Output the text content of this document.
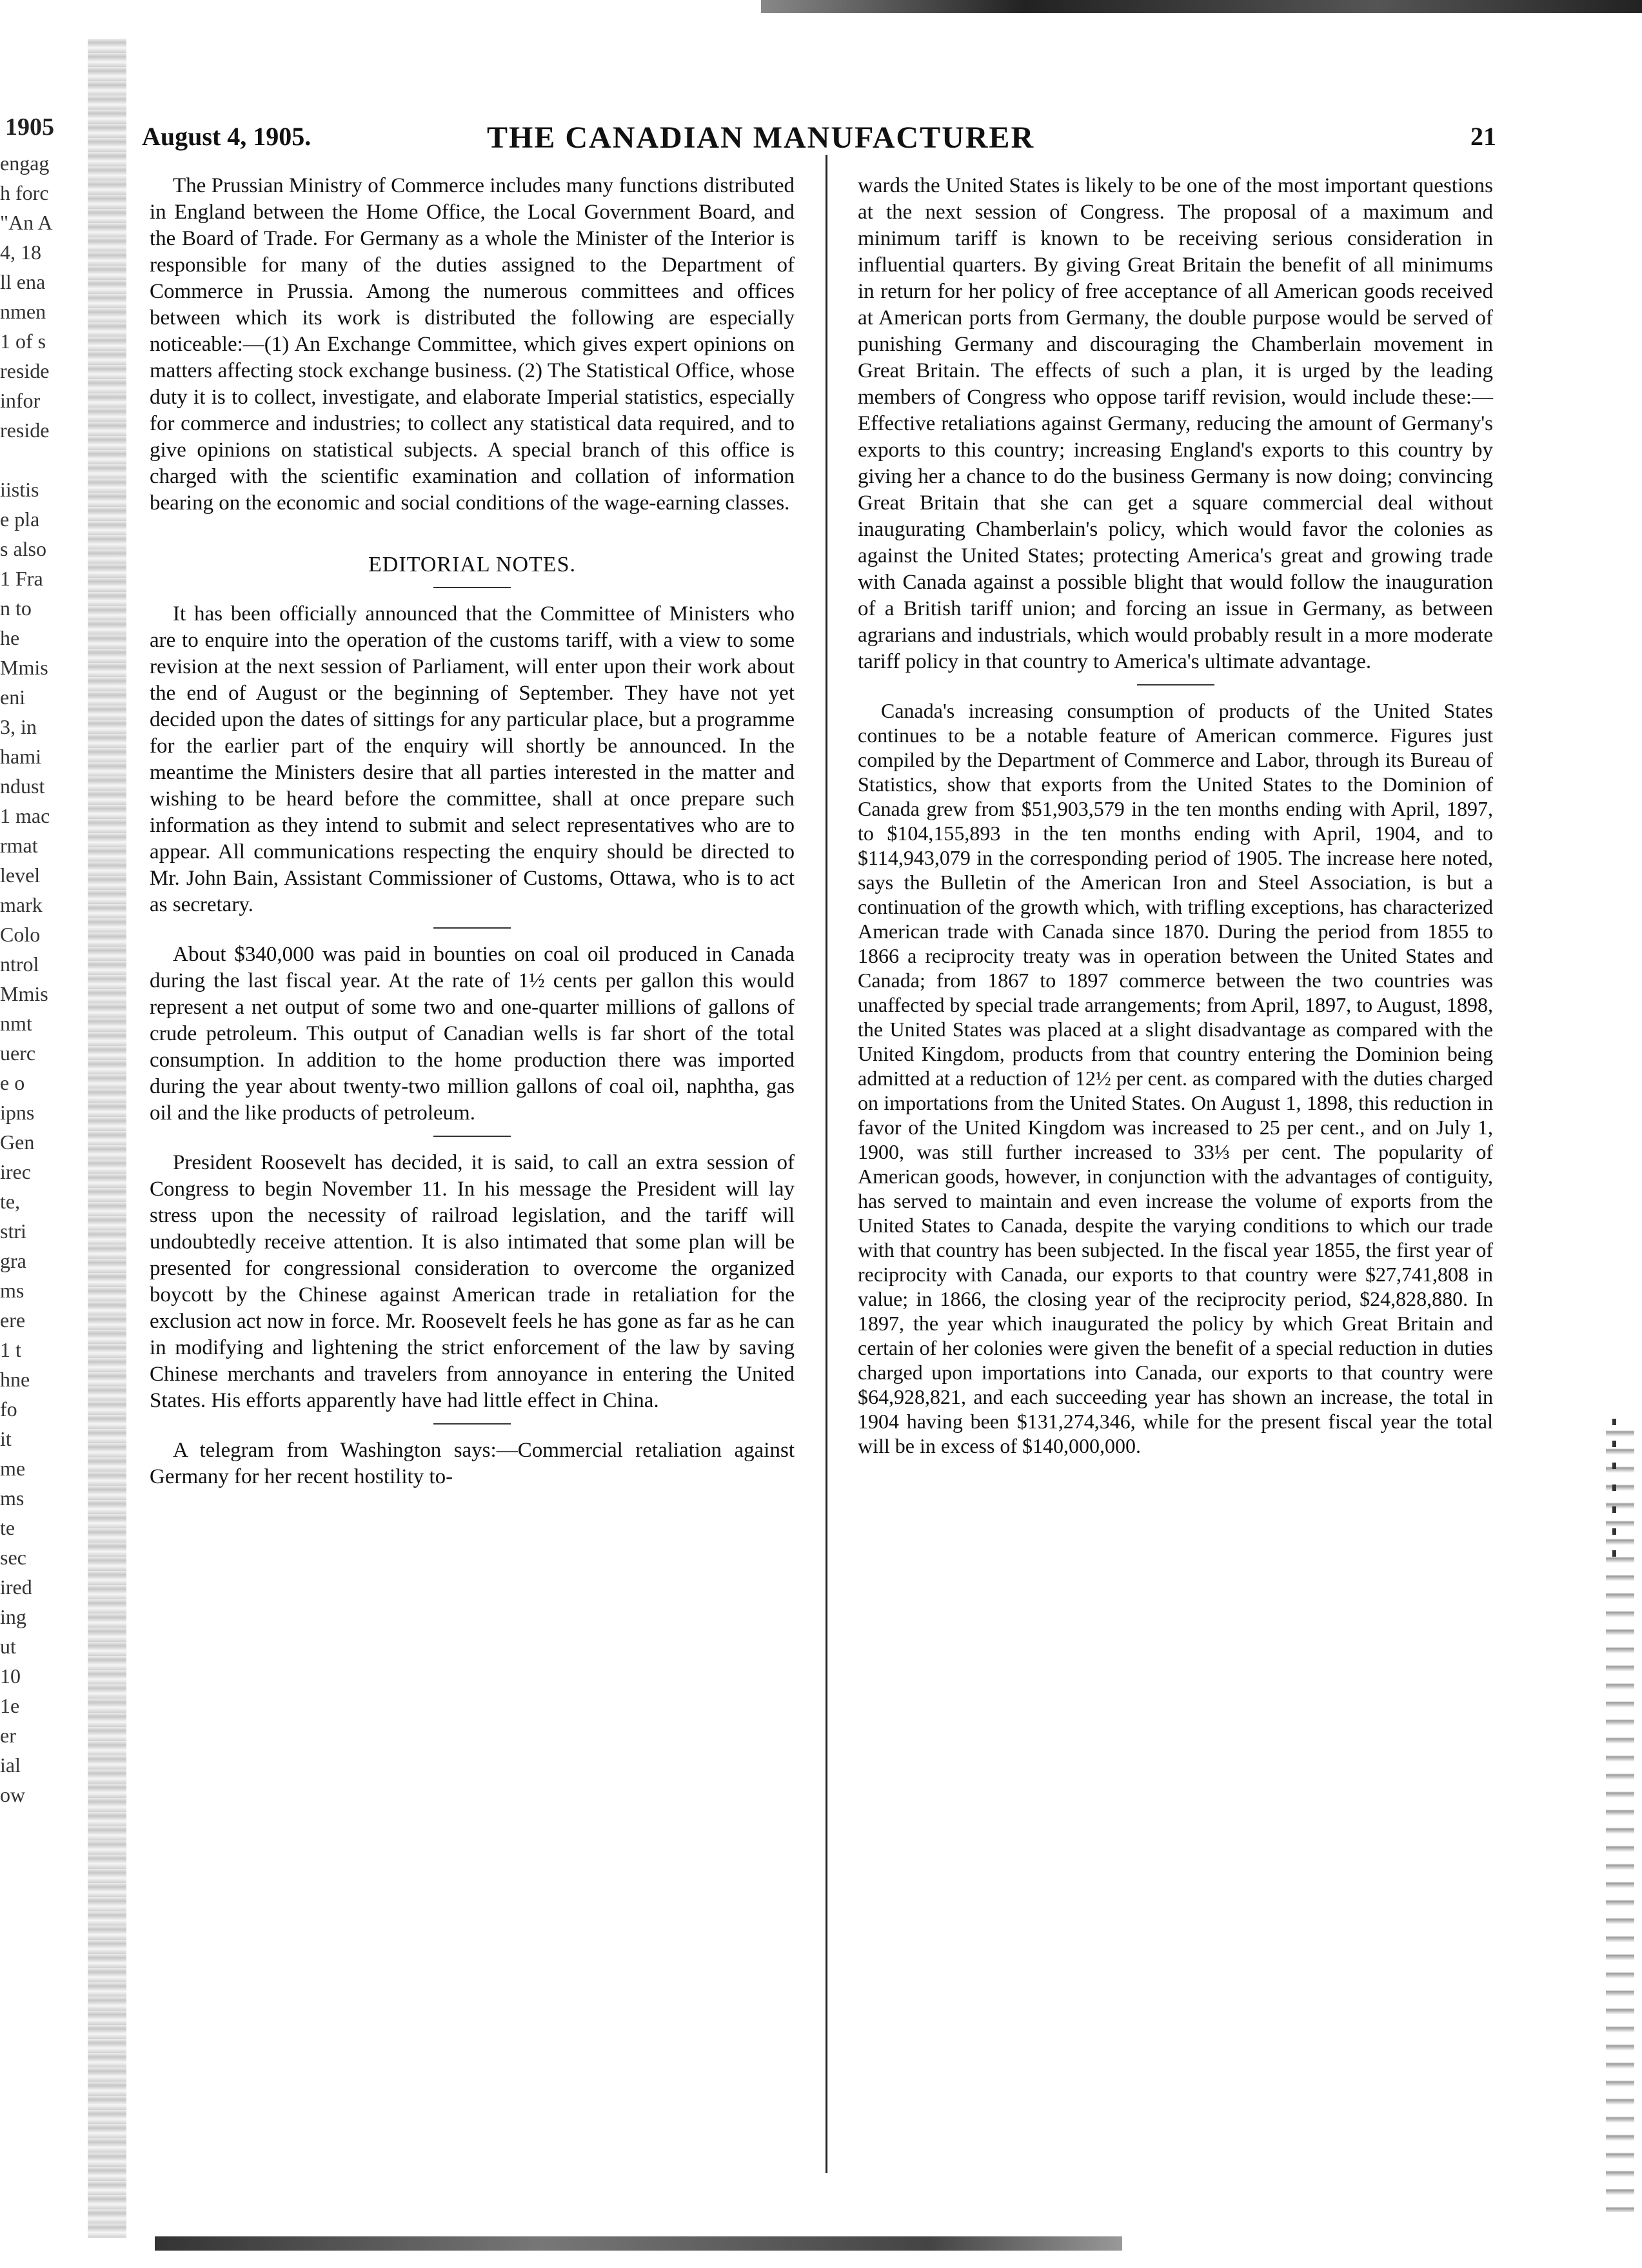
1905
engag
h forc
"An A
4, 18
ll ena
nmen
1 of s
reside
infor
reside

iistis
e pla
s also
1 Fra
n to
he
Mmis
eni
3, in
hami
ndust
1 mac
rmat
level
mark
Colo
ntrol
Mmis
nmt
uerc
e o
ipns
Gen
irec
te,
stri
gra
ms
ere
1 t
hne
fo
it
me
ms
te
sec
ired
ing
ut
10
1e
er
ial
ow
August 4, 1905.	THE CANADIAN MANUFACTURER	21

The Prussian Ministry of Commerce includes many functions distributed in England between the Home Office, the Local Government Board, and the Board of Trade. For Germany as a whole the Minister of the Interior is responsible for many of the duties assigned to the Department of Commerce in Prussia. Among the numerous committees and offices between which its work is distributed the following are especially noticeable:—(1) An Exchange Committee, which gives expert opinions on matters affecting stock exchange business. (2) The Statistical Office, whose duty it is to collect, investigate, and elaborate Imperial statistics, especially for commerce and industries; to collect any statistical data required, and to give opinions on statistical subjects. A special branch of this office is charged with the scientific examination and collation of information bearing on the economic and social conditions of the wage-earning classes.

EDITORIAL NOTES.

It has been officially announced that the Committee of Ministers who are to enquire into the operation of the customs tariff, with a view to some revision at the next session of Parliament, will enter upon their work about the end of August or the beginning of September. They have not yet decided upon the dates of sittings for any particular place, but a programme for the earlier part of the enquiry will shortly be announced. In the meantime the Ministers desire that all parties interested in the matter and wishing to be heard before the committee, shall at once prepare such information as they intend to submit and select representatives who are to appear. All communications respecting the enquiry should be directed to Mr. John Bain, Assistant Commissioner of Customs, Ottawa, who is to act as secretary.

About $340,000 was paid in bounties on coal oil produced in Canada during the last fiscal year. At the rate of 1½ cents per gallon this would represent a net output of some two and one-quarter millions of gallons of crude petroleum. This output of Canadian wells is far short of the total consumption. In addition to the home production there was imported during the year about twenty-two million gallons of coal oil, naphtha, gas oil and the like products of petroleum.

President Roosevelt has decided, it is said, to call an extra session of Congress to begin November 11. In his message the President will lay stress upon the necessity of railroad legislation, and the tariff will undoubtedly receive attention. It is also intimated that some plan will be presented for congressional consideration to overcome the organized boycott by the Chinese against American trade in retaliation for the exclusion act now in force. Mr. Roosevelt feels he has gone as far as he can in modifying and lightening the strict enforcement of the law by saving Chinese merchants and travelers from annoyance in entering the United States. His efforts apparently have had little effect in China.

A telegram from Washington says:—Commercial retaliation against Germany for her recent hostility to-

wards the United States is likely to be one of the most important questions at the next session of Congress. The proposal of a maximum and minimum tariff is known to be receiving serious consideration in influential quarters. By giving Great Britain the benefit of all minimums in return for her policy of free acceptance of all American goods received at American ports from Germany, the double purpose would be served of punishing Germany and discouraging the Chamberlain movement in Great Britain. The effects of such a plan, it is urged by the leading members of Congress who oppose tariff revision, would include these:—Effective retaliations against Germany, reducing the amount of Germany's exports to this country; increasing England's exports to this country by giving her a chance to do the business Germany is now doing; convincing Great Britain that she can get a square commercial deal without inaugurating Chamberlain's policy, which would favor the colonies as against the United States; protecting America's great and growing trade with Canada against a possible blight that would follow the inauguration of a British tariff union; and forcing an issue in Germany, as between agrarians and industrials, which would probably result in a more moderate tariff policy in that country to America's ultimate advantage.

Canada's increasing consumption of products of the United States continues to be a notable feature of American commerce. Figures just compiled by the Department of Commerce and Labor, through its Bureau of Statistics, show that exports from the United States to the Dominion of Canada grew from $51,903,579 in the ten months ending with April, 1897, to $104,155,893 in the ten months ending with April, 1904, and to $114,943,079 in the corresponding period of 1905. The increase here noted, says the Bulletin of the American Iron and Steel Association, is but a continuation of the growth which, with trifling exceptions, has characterized American trade with Canada since 1870. During the period from 1855 to 1866 a reciprocity treaty was in operation between the United States and Canada; from 1867 to 1897 commerce between the two countries was unaffected by special trade arrangements; from April, 1897, to August, 1898, the United States was placed at a slight disadvantage as compared with the United Kingdom, products from that country entering the Dominion being admitted at a reduction of 12½ per cent. as compared with the duties charged on importations from the United States. On August 1, 1898, this reduction in favor of the United Kingdom was increased to 25 per cent., and on July 1, 1900, was still further increased to 33⅓ per cent. The popularity of American goods, however, in conjunction with the advantages of contiguity, has served to maintain and even increase the volume of exports from the United States to Canada, despite the varying conditions to which our trade with that country has been subjected. In the fiscal year 1855, the first year of reciprocity with Canada, our exports to that country were $27,741,808 in value; in 1866, the closing year of the reciprocity period, $24,828,880. In 1897, the year which inaugurated the policy by which Great Britain and certain of her colonies were given the benefit of a special reduction in duties charged upon importations into Canada, our exports to that country were $64,928,821, and each succeeding year has shown an increase, the total in 1904 having been $131,274,346, while for the present fiscal year the total will be in excess of $140,000,000.
